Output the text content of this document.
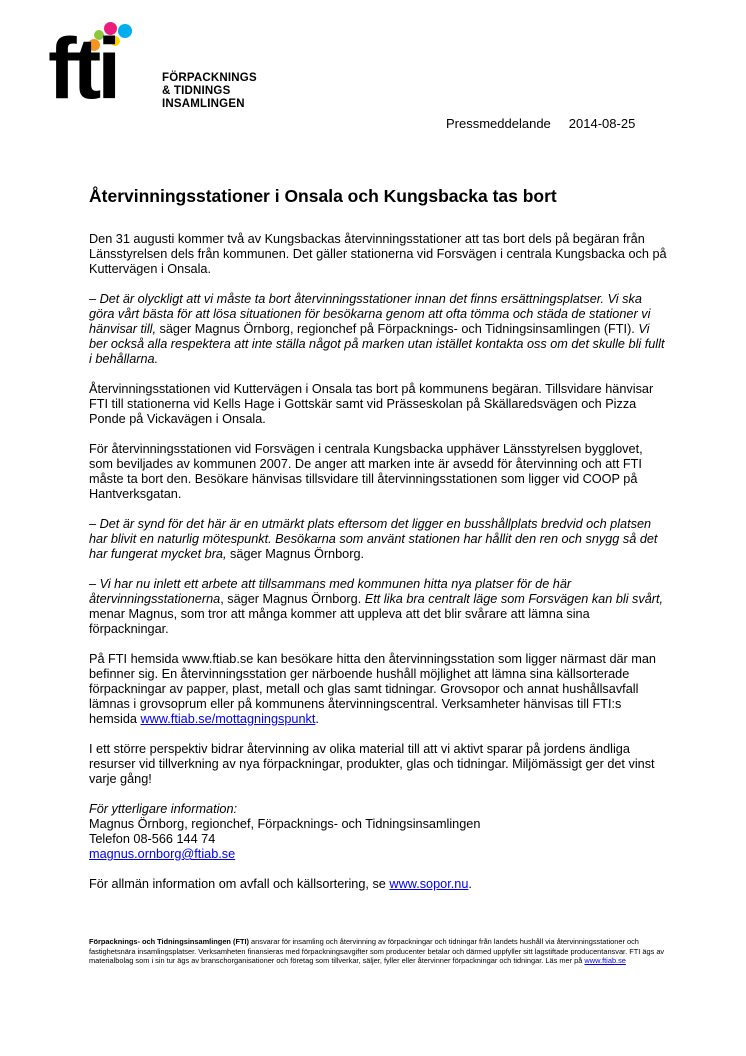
fti	FÖRPACKNINGS
& TIDNINGS
INSAMLINGEN
Pressmeddelande 2014-08-25
Återvinningsstationer i Onsala och Kungsbacka tas bort

Den 31 augusti kommer två av Kungsbackas återvinningsstationer att tas bort dels på begäran från Länsstyrelsen dels från kommunen. Det gäller stationerna vid Forsvägen i centrala Kungsbacka och på Kuttervägen i Onsala.

– Det är olyckligt att vi måste ta bort återvinningsstationer innan det finns ersättningsplatser. Vi ska göra vårt bästa för att lösa situationen för besökarna genom att ofta tömma och städa de stationer vi hänvisar till, säger Magnus Örnborg, regionchef på Förpacknings- och Tidningsinsamlingen (FTI). Vi ber också alla respektera att inte ställa något på marken utan istället kontakta oss om det skulle bli fullt i behållarna.

Återvinningsstationen vid Kuttervägen i Onsala tas bort på kommunens begäran. Tillsvidare hänvisar FTI till stationerna vid Kells Hage i Gottskär samt vid Prässeskolan på Skällaredsvägen och Pizza Ponde på Vickavägen i Onsala.

För återvinningsstationen vid Forsvägen i centrala Kungsbacka upphäver Länsstyrelsen bygglovet, som beviljades av kommunen 2007. De anger att marken inte är avsedd för återvinning och att FTI måste ta bort den. Besökare hänvisas tillsvidare till återvinningsstationen som ligger vid COOP på Hantverksgatan.

– Det är synd för det här är en utmärkt plats eftersom det ligger en busshållplats bredvid och platsen har blivit en naturlig mötespunkt. Besökarna som använt stationen har hållit den ren och snygg så det har fungerat mycket bra, säger Magnus Örnborg.

– Vi har nu inlett ett arbete att tillsammans med kommunen hitta nya platser för de här återvinningsstationerna, säger Magnus Örnborg. Ett lika bra centralt läge som Forsvägen kan bli svårt, menar Magnus, som tror att många kommer att uppleva att det blir svårare att lämna sina förpackningar.

På FTI hemsida www.ftiab.se kan besökare hitta den återvinningsstation som ligger närmast där man befinner sig. En återvinningsstation ger närboende hushåll möjlighet att lämna sina källsorterade förpackningar av papper, plast, metall och glas samt tidningar. Grovsopor och annat hushållsavfall lämnas i grovsoprum eller på kommunens återvinningscentral. Verksamheter hänvisas till FTI:s hemsida www.ftiab.se/mottagningspunkt.

I ett större perspektiv bidrar återvinning av olika material till att vi aktivt sparar på jordens ändliga resurser vid tillverkning av nya förpackningar, produkter, glas och tidningar. Miljömässigt ger det vinst varje gång!

För ytterligare information:
Magnus Örnborg, regionchef, Förpacknings- och Tidningsinsamlingen
Telefon 08-566 144 74
magnus.ornborg@ftiab.se

För allmän information om avfall och källsortering, se www.sopor.nu.

Förpacknings- och Tidningsinsamlingen (FTI) ansvarar för insamling och återvinning av förpackningar och tidningar från landets hushåll via återvinningsstationer och fastighetsnära insamlingsplatser. Verksamheten finansieras med förpackningsavgifter som producenter betalar och därmed uppfyller sitt lagstiftade producentansvar. FTI ägs av materialbolag som i sin tur ägs av branschorganisationer och företag som tillverkar, säljer, fyller eller återvinner förpackningar och tidningar. Läs mer på www.ftiab.se
